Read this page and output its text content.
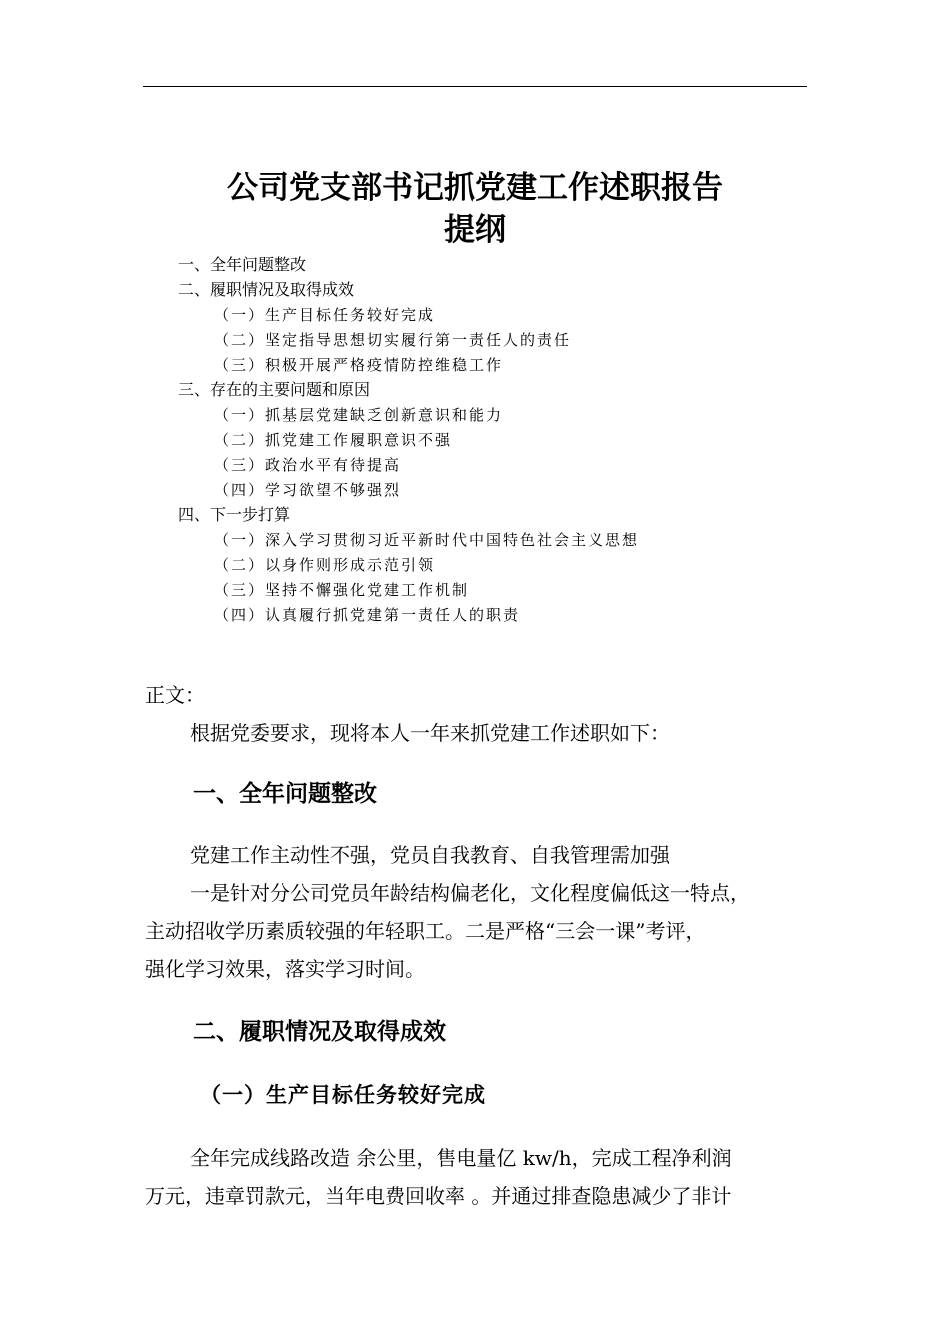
公司党支部书记抓党建工作述职报告
提纲
一、全年问题整改
二、履职情况及取得成效
（一）生产目标任务较好完成
（二）坚定指导思想切实履行第一责任人的责任
（三）积极开展严格疫情防控维稳工作
三、存在的主要问题和原因
（一）抓基层党建缺乏创新意识和能力
（二）抓党建工作履职意识不强
（三）政治水平有待提高
（四）学习欲望不够强烈
四、下一步打算
（一）深入学习贯彻习近平新时代中国特色社会主义思想
（二）以身作则形成示范引领
（三）坚持不懈强化党建工作机制
（四）认真履行抓党建第一责任人的职责
正文：
根据党委要求，现将本人一年来抓党建工作述职如下：
一、全年问题整改
党建工作主动性不强，党员自我教育、自我管理需加强
一是针对分公司党员年龄结构偏老化，文化程度偏低这一特点，
主动招收学历素质较强的年轻职工。二是严格“三会一课”考评，
强化学习效果，落实学习时间。
二、履职情况及取得成效
（一）生产目标任务较好完成
全年完成线路改造 余公里，售电量亿 kw/h，完成工程净利润
万元，违章罚款元，当年电费回收率 。并通过排查隐患减少了非计
